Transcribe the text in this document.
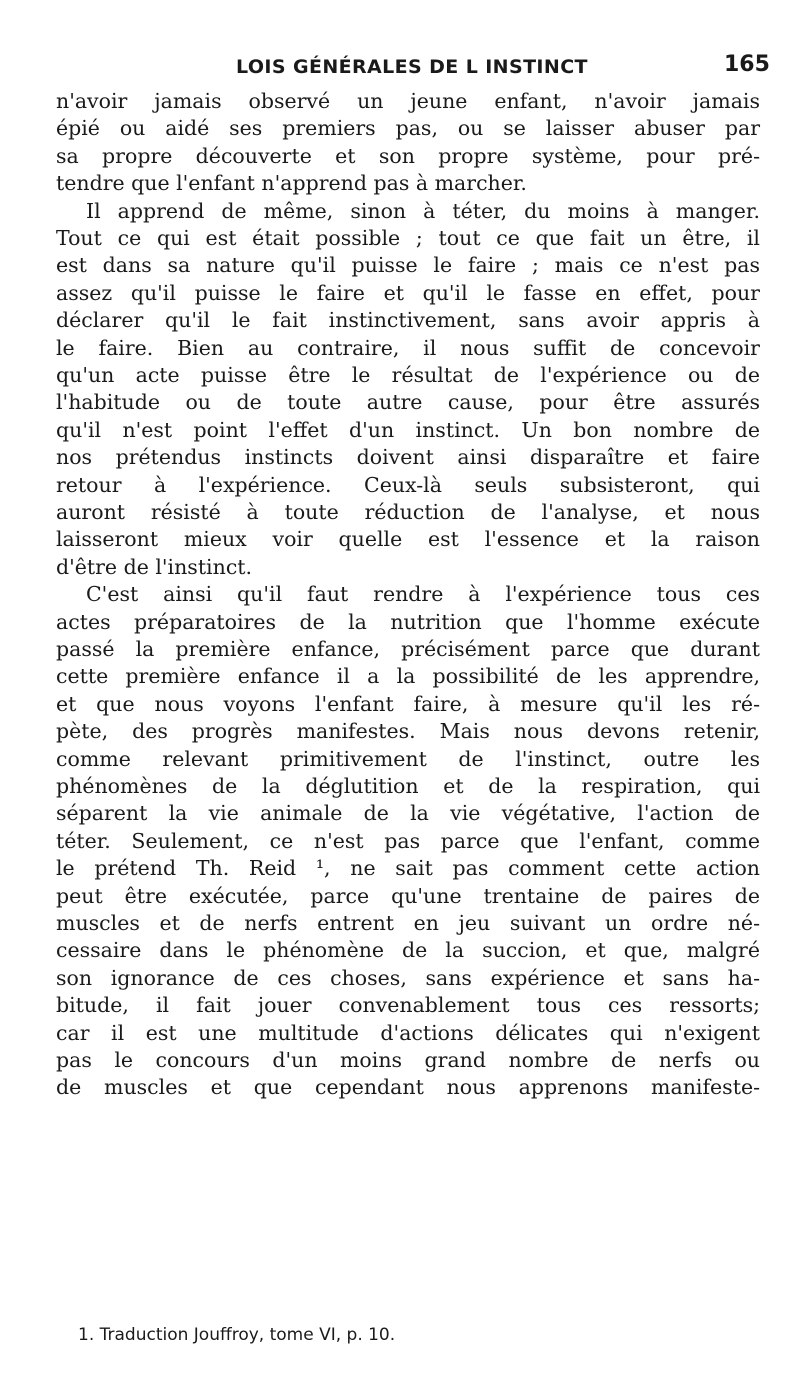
LOIS GÉNÉRALES DE L INSTINCT	165
n'avoir jamais observé un jeune enfant, n'avoir jamais
épié ou aidé ses premiers pas, ou se laisser abuser par
sa propre découverte et son propre système, pour pré-
tendre que l'enfant n'apprend pas à marcher.
Il apprend de même, sinon à téter, du moins à manger.
Tout ce qui est était possible ; tout ce que fait un être, il
est dans sa nature qu'il puisse le faire ; mais ce n'est pas
assez qu'il puisse le faire et qu'il le fasse en effet, pour
déclarer qu'il le fait instinctivement, sans avoir appris à
le faire. Bien au contraire, il nous suffit de concevoir
qu'un acte puisse être le résultat de l'expérience ou de
l'habitude ou de toute autre cause, pour être assurés
qu'il n'est point l'effet d'un instinct. Un bon nombre de
nos prétendus instincts doivent ainsi disparaître et faire
retour à l'expérience. Ceux-là seuls subsisteront, qui
auront résisté à toute réduction de l'analyse, et nous
laisseront mieux voir quelle est l'essence et la raison
d'être de l'instinct.
C'est ainsi qu'il faut rendre à l'expérience tous ces
actes préparatoires de la nutrition que l'homme exécute
passé la première enfance, précisément parce que durant
cette première enfance il a la possibilité de les apprendre,
et que nous voyons l'enfant faire, à mesure qu'il les ré-
pète, des progrès manifestes. Mais nous devons retenir,
comme relevant primitivement de l'instinct, outre les
phénomènes de la déglutition et de la respiration, qui
séparent la vie animale de la vie végétative, l'action de
téter. Seulement, ce n'est pas parce que l'enfant, comme
le prétend Th. Reid ¹, ne sait pas comment cette action
peut être exécutée, parce qu'une trentaine de paires de
muscles et de nerfs entrent en jeu suivant un ordre né-
cessaire dans le phénomène de la succion, et que, malgré
son ignorance de ces choses, sans expérience et sans ha-
bitude, il fait jouer convenablement tous ces ressorts;
car il est une multitude d'actions délicates qui n'exigent
pas le concours d'un moins grand nombre de nerfs ou
de muscles et que cependant nous apprenons manifeste-
1. Traduction Jouffroy, tome VI, p. 10.
